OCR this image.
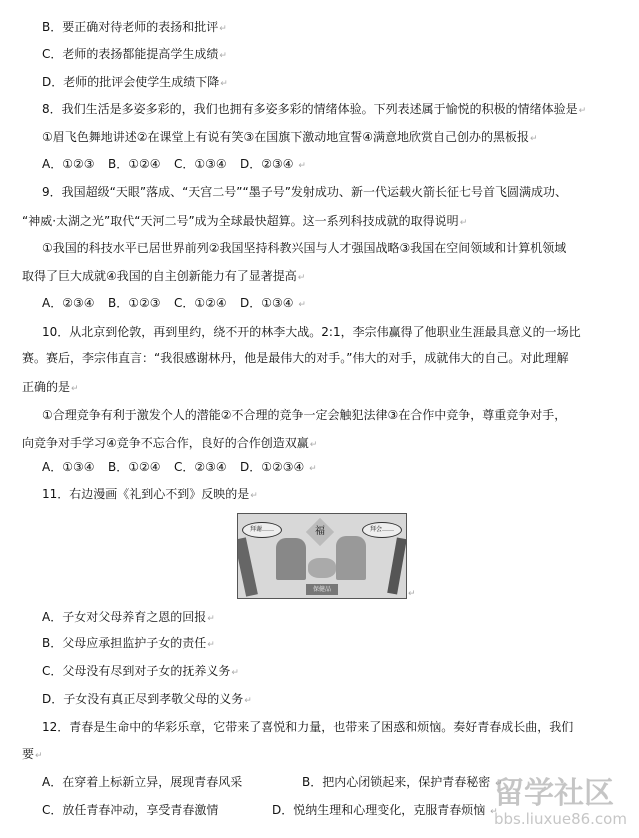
B．要正确对待老师的表扬和批评 ↵
C．老师的表扬都能提高学生成绩 ↵
D．老师的批评会使学生成绩下降 ↵
8．我们生活是多姿多彩的，我们也拥有多姿多彩的情绪体验。下列表述属于愉悦的积极的情绪体验是 ↵
①眉飞色舞地讲述②在课堂上有说有笑③在国旗下激动地宣誓④满意地欣赏自己创办的黑板报 ↵
A．①②③ B．①②④ C．①③④ D．②③④ ↵
9．我国超级“天眼”落成、“天宫二号”“墨子号”发射成功、新一代运载火箭长征七号首飞圆满成功、
“神威·太湖之光”取代“天河二号”成为全球最快超算。这一系列科技成就的取得说明 ↵
①我国的科技水平已居世界前列②我国坚持科教兴国与人才强国战略③我国在空间领域和计算机领域
取得了巨大成就④我国的自主创新能力有了显著提高 ↵
A．②③④ B．①②③ C．①②④ D．①③④ ↵
10．从北京到伦敦，再到里约，绕不开的林李大战。2:1，李宗伟赢得了他职业生涯最具意义的一场比
赛。赛后，李宗伟直言：“我很感谢林丹，他是最伟大的对手。”伟大的对手，成就伟大的自己。对此理解
正确的是 ↵
①合理竞争有利于激发个人的潜能②不合理的竞争一定会触犯法律③在合作中竞争，尊重竞争对手，
向竞争对手学习④竞争不忘合作，良好的合作创造双赢 ↵
A．①③④ B．①②④ C．②③④ D．①②③④ ↵
11．右边漫画《礼到心不到》反映的是 ↵
拜谢……	拜会……
福
保健品
↵
A．子女对父母养育之恩的回报 ↵
B．父母应承担监护子女的责任 ↵
C．父母没有尽到对子女的抚养义务 ↵
D．子女没有真正尽到孝敬父母的义务 ↵
12．青春是生命中的华彩乐章，它带来了喜悦和力量，也带来了困惑和烦恼。奏好青春成长曲，我们
要 ↵
A．在穿着上标新立异，展现青春风采	B．把内心闭锁起来，保护青春秘密 ↵
C．放任青春冲动，享受青春激情	D．悦纳生理和心理变化，克服青春烦恼 ↵ 留学社区
bbs.liuxue86.com
